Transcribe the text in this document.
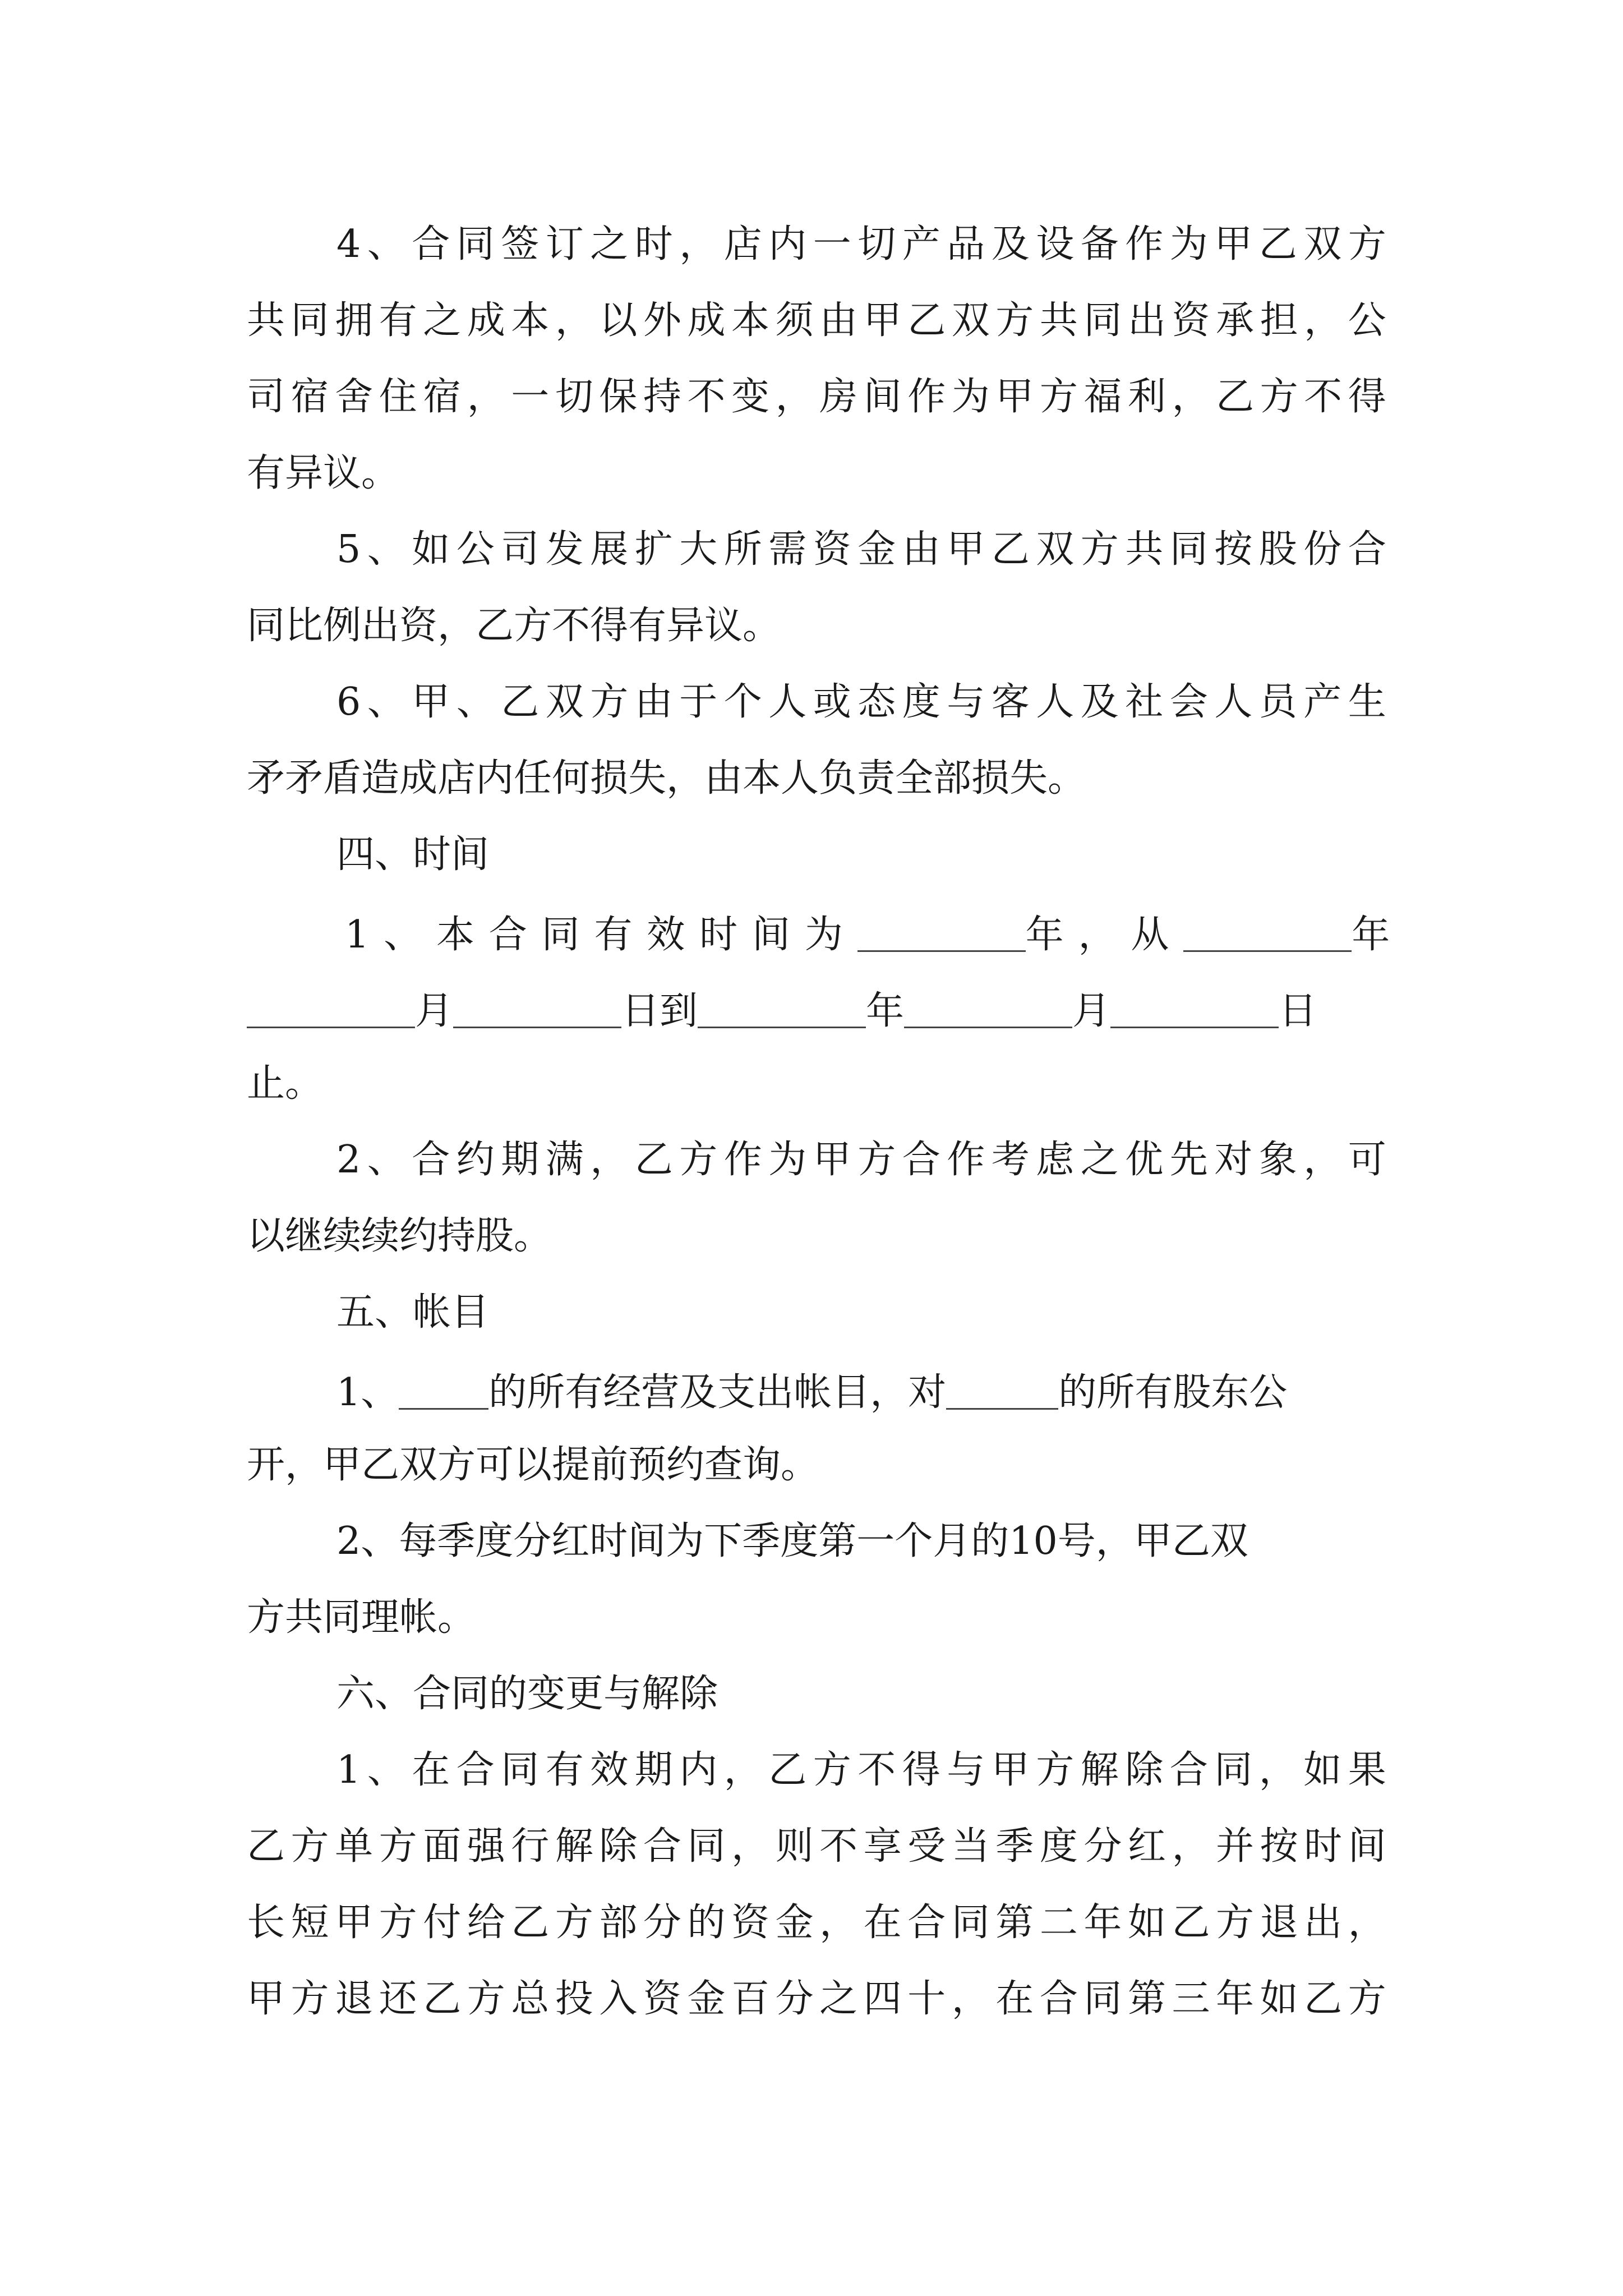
4 、 合 同 签 订 之 时 ， 店 内 一 切 产 品 及 设 备 作 为 甲 乙 双 方
共 同 拥 有 之 成 本 ， 以 外 成 本 须 由 甲 乙 双 方 共 同 出 资 承 担 ， 公
司 宿 舍 住 宿 ， 一 切 保 持 不 变 ， 房 间 作 为 甲 方 福 利 ， 乙 方 不 得
有异议。
5 、 如 公 司 发 展 扩 大 所 需 资 金 由 甲 乙 双 方 共 同 按 股 份 合
同比例出资，乙方不得有异议。
6 、 甲 、 乙 双 方 由 于 个 人 或 态 度 与 客 人 及 社 会 人 员 产 生
矛矛盾造成店内任何损失，由本人负责全部损失。
四、时间
1、本合同有效时间为	年，从	年
月	日到	年	月	日
止。
2 、 合 约 期 满 ， 乙 方 作 为 甲 方 合 作 考 虑 之 优 先 对 象 ， 可
以继续续约持股。
五、帐目
1、 的所有经营及支出帐目，对	的所有股东公
开，甲乙双方可以提前预约查询。
2、每季度分红时间为下季度第一个月的10号，甲乙双
方共同理帐。
六、合同的变更与解除
1 、 在 合 同 有 效 期 内 ， 乙 方 不 得 与 甲 方 解 除 合 同 ， 如 果
乙 方 单 方 面 强 行 解 除 合 同 ， 则 不 享 受 当 季 度 分 红 ， 并 按 时 间
长 短 甲 方 付 给 乙 方 部 分 的 资 金 ， 在 合 同 第 二 年 如 乙 方 退 出 ，
甲 方 退 还 乙 方 总 投 入 资 金 百 分 之 四 十 ， 在 合 同 第 三 年 如 乙 方
